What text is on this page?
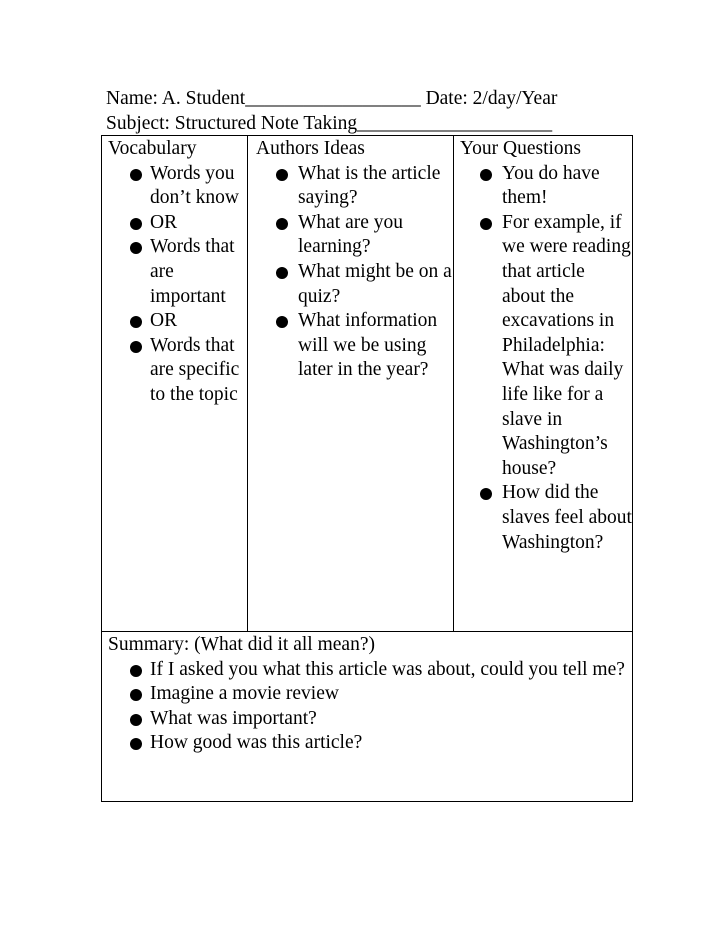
Name: A. Student__________________ Date: 2/day/Year
Subject: Structured Note Taking____________________
Vocabulary
Words you don’t know
OR
Words that are important
OR
Words that are specific to the topic

Authors Ideas
What is the article saying?
What are you learning?
What might be on a quiz?
What information will we be using later in the year?

Your Questions
You do have them!
For example, if we were reading that article about the excavations in Philadelphia: What was daily life like for a slave in Washington’s house?
How did the slaves feel about Washington?

Summary: (What did it all mean?)
If I asked you what this article was about, could you tell me?
Imagine a movie review
What was important?
How good was this article?
